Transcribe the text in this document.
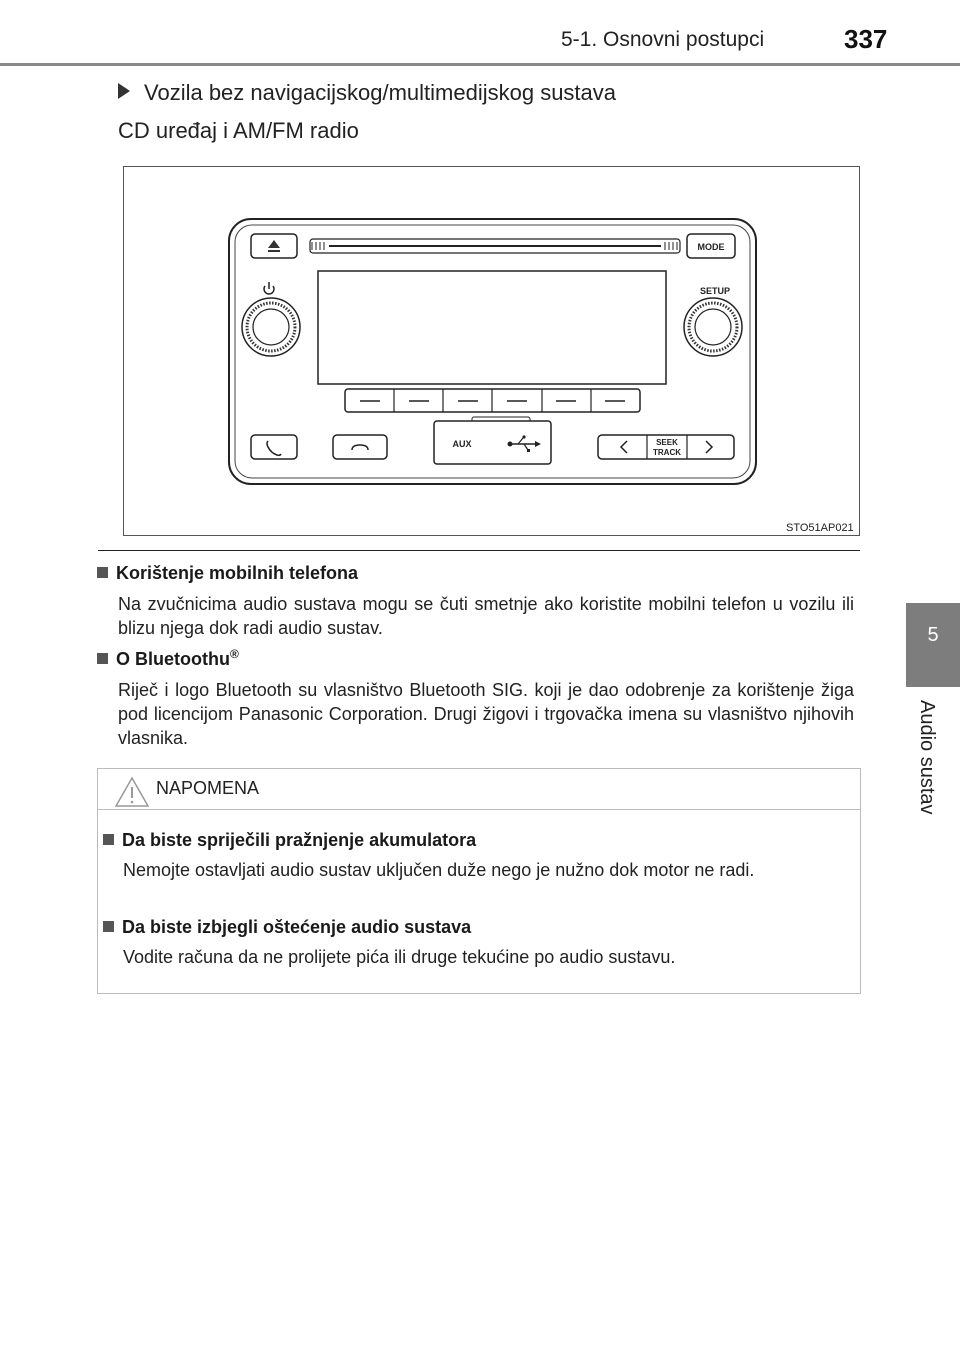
5-1. Osnovni postupci	337
5
Audio sustav
Vozila bez navigacijskog/multimedijskog sustava
CD uređaj i AM/FM radio
MODE
SETUP
AUX	SEEK
TRACK
STO51AP021
Korištenje mobilnih telefona
Na zvučnicima audio sustava mogu se čuti smetnje ako koristite mobilni telefon u vozilu ili blizu njega dok radi audio sustav.
O Bluetoothu®
Riječ i logo Bluetooth su vlasništvo Bluetooth SIG. koji je dao odobrenje za korištenje žiga pod licencijom Panasonic Corporation. Drugi žigovi i trgovačka imena su vlasništvo njihovih vlasnika.
NAPOMENA
Da biste spriječili pražnjenje akumulatora
Nemojte ostavljati audio sustav uključen duže nego je nužno dok motor ne radi.
Da biste izbjegli oštećenje audio sustava
Vodite računa da ne prolijete pića ili druge tekućine po audio sustavu.
